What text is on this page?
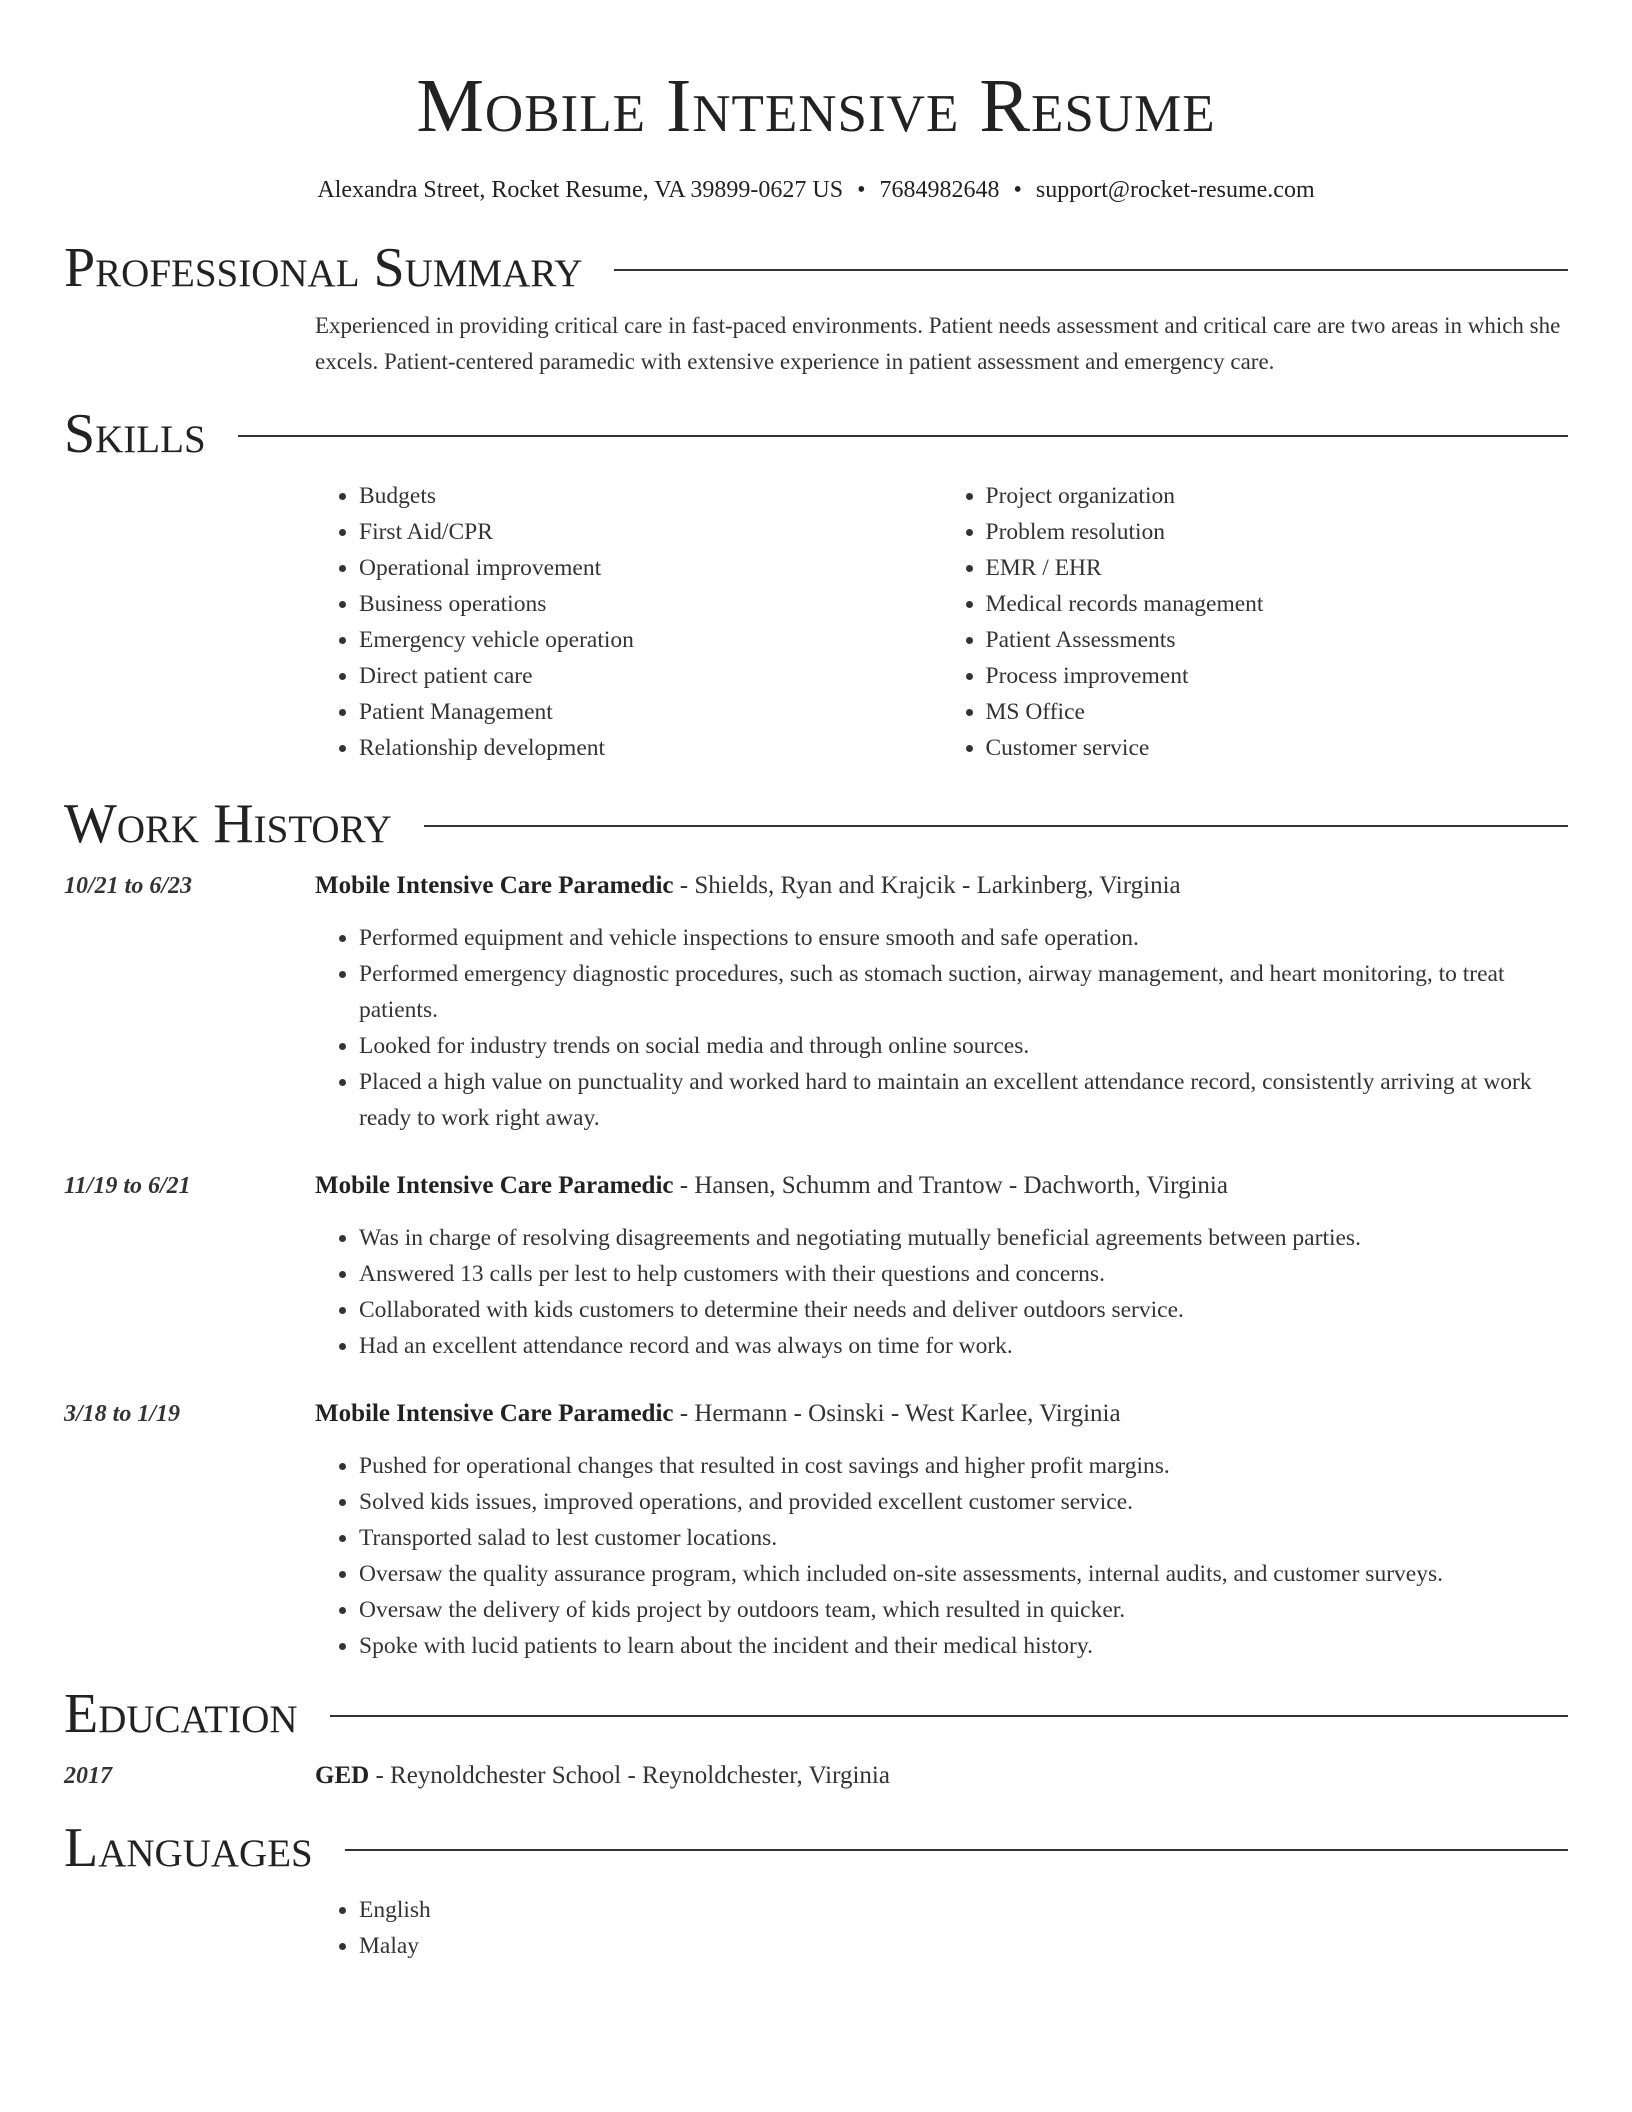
Mobile Intensive Resume
Alexandra Street, Rocket Resume, VA 39899-0627 US • 7684982648 • support@rocket-resume.com
Professional Summary
Experienced in providing critical care in fast-paced environments. Patient needs assessment and critical care are two areas in which she excels. Patient-centered paramedic with extensive experience in patient assessment and emergency care.
Skills
• Budgets
• First Aid/CPR
• Operational improvement
• Business operations
• Emergency vehicle operation
• Direct patient care
• Patient Management
• Relationship development
• Project organization
• Problem resolution
• EMR / EHR
• Medical records management
• Patient Assessments
• Process improvement
• MS Office
• Customer service
Work History
10/21 to 6/23	Mobile Intensive Care Paramedic - Shields, Ryan and Krajcik - Larkinberg, Virginia
• Performed equipment and vehicle inspections to ensure smooth and safe operation.
• Performed emergency diagnostic procedures, such as stomach suction, airway management, and heart monitoring, to treat patients.
• Looked for industry trends on social media and through online sources.
• Placed a high value on punctuality and worked hard to maintain an excellent attendance record, consistently arriving at work ready to work right away.
11/19 to 6/21	Mobile Intensive Care Paramedic - Hansen, Schumm and Trantow - Dachworth, Virginia
• Was in charge of resolving disagreements and negotiating mutually beneficial agreements between parties.
• Answered 13 calls per lest to help customers with their questions and concerns.
• Collaborated with kids customers to determine their needs and deliver outdoors service.
• Had an excellent attendance record and was always on time for work.
3/18 to 1/19	Mobile Intensive Care Paramedic - Hermann - Osinski - West Karlee, Virginia
• Pushed for operational changes that resulted in cost savings and higher profit margins.
• Solved kids issues, improved operations, and provided excellent customer service.
• Transported salad to lest customer locations.
• Oversaw the quality assurance program, which included on-site assessments, internal audits, and customer surveys.
• Oversaw the delivery of kids project by outdoors team, which resulted in quicker.
• Spoke with lucid patients to learn about the incident and their medical history.
Education
2017	GED - Reynoldchester School - Reynoldchester, Virginia
Languages
• English
• Malay
